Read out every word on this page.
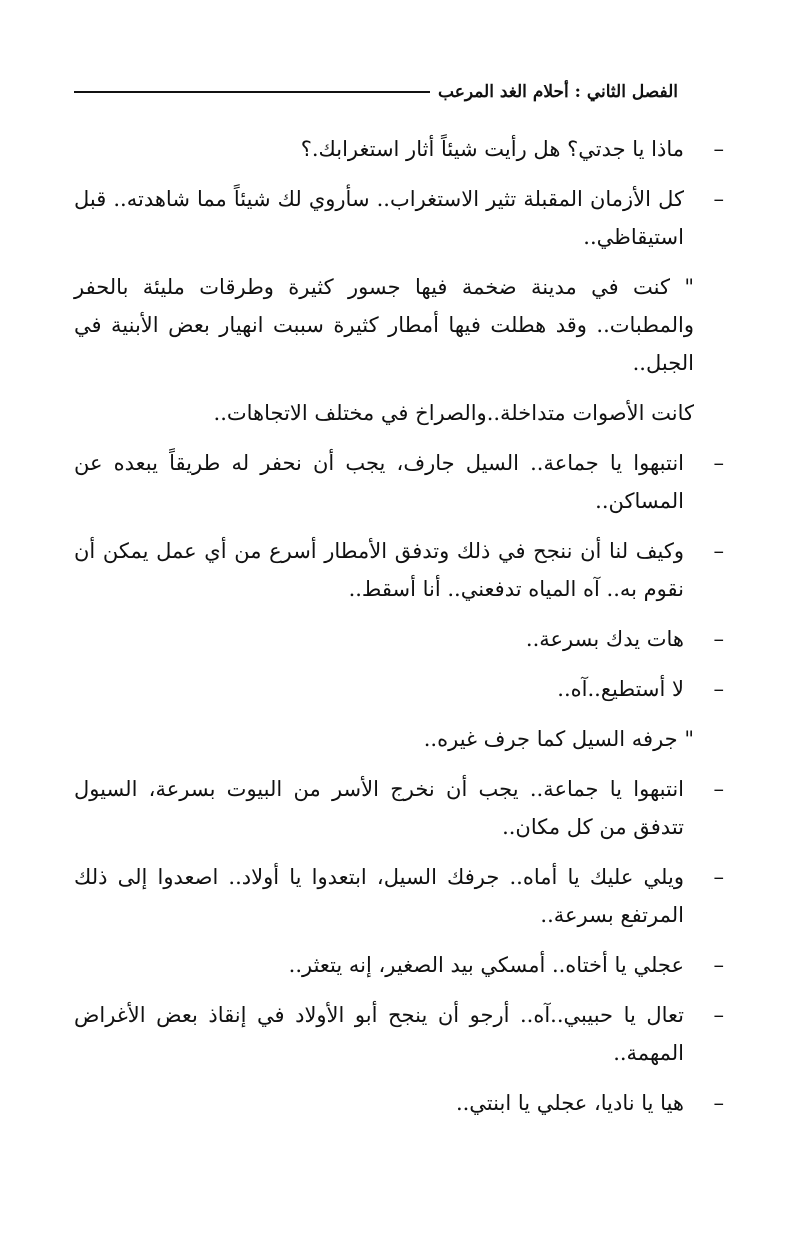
الفصل الثاني : أحلام الغد المرعب

–
ماذا يا جدتي؟ هل رأيت شيئاً أثار استغرابك.؟

–
كل الأزمان المقبلة تثير الاستغراب.. سأروي لك شيئاً مما شاهدته.. قبل استيقاظي..

" كنت في مدينة ضخمة فيها جسور كثيرة وطرقات مليئة بالحفر والمطبات.. وقد هطلت فيها أمطار كثيرة سببت انهيار بعض الأبنية في الجبل..

كانت الأصوات متداخلة..والصراخ في مختلف الاتجاهات..

–
انتبهوا يا جماعة.. السيل جارف، يجب أن نحفر له طريقاً يبعده عن المساكن..

–
وكيف لنا أن ننجح في ذلك وتدفق الأمطار أسرع من أي عمل يمكن أن نقوم به.. آه المياه تدفعني.. أنا أسقط..

–
هات يدك بسرعة..

–
لا أستطيع..آه..

" جرفه السيل كما جرف غيره..

–
انتبهوا يا جماعة.. يجب أن نخرج الأسر من البيوت بسرعة، السيول تتدفق من كل مكان..

–
ويلي عليك يا أماه.. جرفك السيل، ابتعدوا يا أولاد.. اصعدوا إلى ذلك المرتفع بسرعة..

–
عجلي يا أختاه.. أمسكي بيد الصغير، إنه يتعثر..

–
تعال يا حبيبي..آه.. أرجو أن ينجح أبو الأولاد في إنقاذ بعض الأغراض المهمة..

–
هيا يا ناديا، عجلي يا ابنتي..
